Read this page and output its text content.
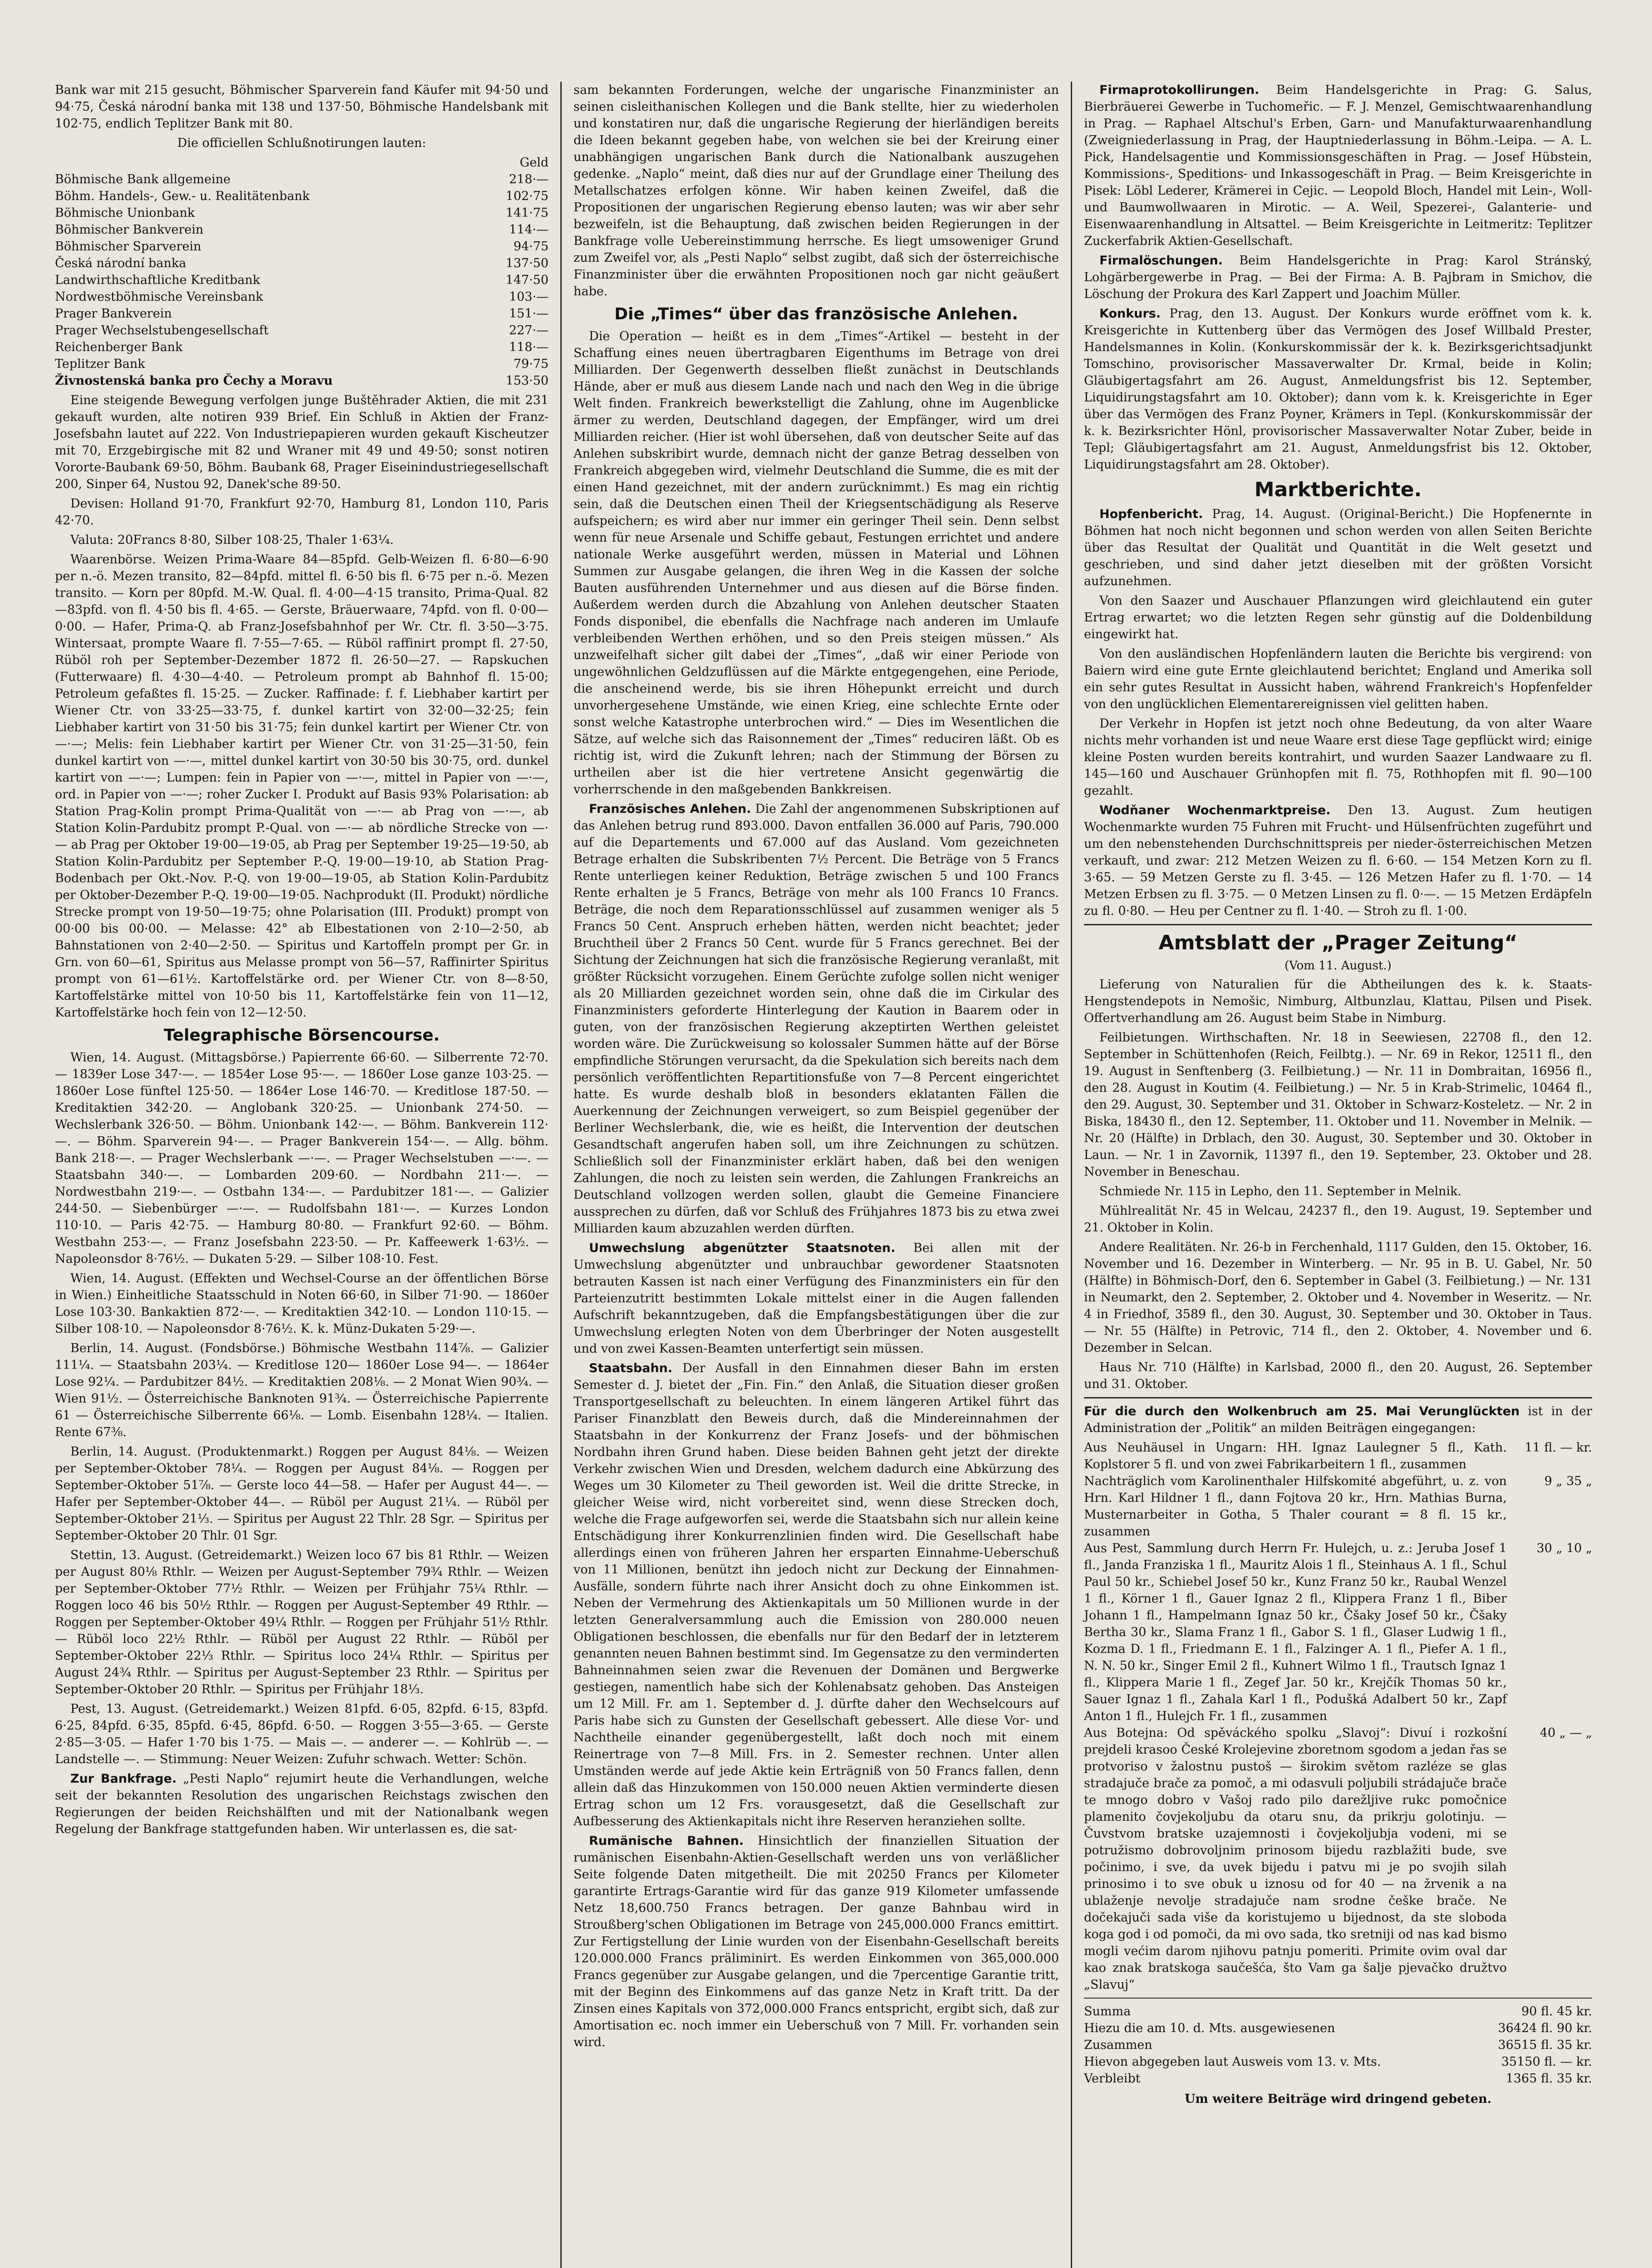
Bank war mit 215 gesucht, Böhmischer Sparverein fand Käufer mit 94·50 und 94·75, Česká národní banka mit 138 und 137·50, Böhmische Handelsbank mit 102·75, endlich Teplitzer Bank mit 80.

Die officiellen Schlußnotirungen lauten:

Geld
Böhmische Bank allgemeine	218·—
Böhm. Handels-, Gew.- u. Realitätenbank	102·75
Böhmische Unionbank	141·75
Böhmischer Bankverein	114·—
Böhmischer Sparverein	94·75
Česká národní banka	137·50
Landwirthschaftliche Kreditbank	147·50
Nordwestböhmische Vereinsbank	103·—
Prager Bankverein	151·—
Prager Wechselstubengesellschaft	227·—
Reichenberger Bank	118·—
Teplitzer Bank	79·75
Živnostenská banka pro Čechy a Moravu	153·50

Eine steigende Bewegung verfolgen junge Buštěhrader Aktien, die mit 231 gekauft wurden, alte notiren 939 Brief. Ein Schluß in Aktien der Franz-Josefsbahn lautet auf 222. Von Industriepapieren wurden gekauft Kischeutzer mit 70, Erzgebirgische mit 82 und Wraner mit 49 und 49·50; sonst notiren Vororte-Baubank 69·50, Böhm. Baubank 68, Prager Eiseinindustriegesellschaft 200, Sinper 64, Nustou 92, Danek'sche 89·50.

Devisen: Holland 91·70, Frankfurt 92·70, Hamburg 81, London 110, Paris 42·70.

Valuta: 20Francs 8·80, Silber 108·25, Thaler 1·63¼.

Waarenbörse. Weizen Prima-Waare 84—85pfd. Gelb-Weizen fl. 6·80—6·90 per n.-ö. Mezen transito, 82—84pfd. mittel fl. 6·50 bis fl. 6·75 per n.-ö. Mezen transito. — Korn per 80pfd. M.-W. Qual. fl. 4·00—4·15 transito, Prima-Qual. 82—83pfd. von fl. 4·50 bis fl. 4·65. — Gerste, Bräuerwaare, 74pfd. von fl. 0·00—0·00. — Hafer, Prima-Q. ab Franz-Josefsbahnhof per Wr. Ctr. fl. 3·50—3·75. Wintersaat, prompte Waare fl. 7·55—7·65. — Rüböl raffinirt prompt fl. 27·50, Rüböl roh per September-Dezember 1872 fl. 26·50—27. — Rapskuchen (Futterwaare) fl. 4·30—4·40. — Petroleum prompt ab Bahnhof fl. 15·00; Petroleum gefaßtes fl. 15·25. — Zucker. Raffinade: f. f. Liebhaber kartirt per Wiener Ctr. von 33·25—33·75, f. dunkel kartirt von 32·00—32·25; fein Liebhaber kartirt von 31·50 bis 31·75; fein dunkel kartirt per Wiener Ctr. von —·—; Melis: fein Liebhaber kartirt per Wiener Ctr. von 31·25—31·50, fein dunkel kartirt von —·—, mittel dunkel kartirt von 30·50 bis 30·75, ord. dunkel kartirt von —·—; Lumpen: fein in Papier von —·—, mittel in Papier von —·—, ord. in Papier von —·—; roher Zucker I. Produkt auf Basis 93% Polarisation: ab Station Prag-Kolin prompt Prima-Qualität von —·— ab Prag von —·—, ab Station Kolin-Pardubitz prompt P.-Qual. von —·— ab nördliche Strecke von —·— ab Prag per Oktober 19·00—19·05, ab Prag per September 19·25—19·50, ab Station Kolin-Pardubitz per September P.-Q. 19·00—19·10, ab Station Prag-Bodenbach per Okt.-Nov. P.-Q. von 19·00—19·05, ab Station Kolin-Pardubitz per Oktober-Dezember P.-Q. 19·00—19·05. Nachprodukt (II. Produkt) nördliche Strecke prompt von 19·50—19·75; ohne Polarisation (III. Produkt) prompt von 00·00 bis 00·00. — Melasse: 42° ab Elbestationen von 2·10—2·50, ab Bahnstationen von 2·40—2·50. — Spiritus und Kartoffeln prompt per Gr. in Grn. von 60—61, Spiritus aus Melasse prompt von 56—57, Raffinirter Spiritus prompt von 61—61½. Kartoffelstärke ord. per Wiener Ctr. von 8—8·50, Kartoffelstärke mittel von 10·50 bis 11, Kartoffelstärke fein von 11—12, Kartoffelstärke hoch fein von 12—12·50.

Telegraphische Börsencourse.

Wien, 14. August. (Mittagsbörse.) Papierrente 66·60. — Silberrente 72·70. — 1839er Lose 347·—. — 1854er Lose 95·—. — 1860er Lose ganze 103·25. — 1860er Lose fünftel 125·50. — 1864er Lose 146·70. — Kreditlose 187·50. — Kreditaktien 342·20. — Anglobank 320·25. — Unionbank 274·50. — Wechslerbank 326·50. — Böhm. Unionbank 142·—. — Böhm. Bankverein 112·—. — Böhm. Sparverein 94·—. — Prager Bankverein 154·—. — Allg. böhm. Bank 218·—. — Prager Wechslerbank —·—. — Prager Wechselstuben —·—. — Staatsbahn 340·—. — Lombarden 209·60. — Nordbahn 211·—. — Nordwestbahn 219·—. — Ostbahn 134·—. — Pardubitzer 181·—. — Galizier 244·50. — Siebenbürger —·—. — Rudolfsbahn 181·—. — Kurzes London 110·10. — Paris 42·75. — Hamburg 80·80. — Frankfurt 92·60. — Böhm. Westbahn 253·—. — Franz Josefsbahn 223·50. — Pr. Kaffeewerk 1·63½. — Napoleonsdor 8·76½. — Dukaten 5·29. — Silber 108·10. Fest.

Wien, 14. August. (Effekten und Wechsel-Course an der öffentlichen Börse in Wien.) Einheitliche Staatsschuld in Noten 66·60, in Silber 71·90. — 1860er Lose 103·30. Bankaktien 872·—. — Kreditaktien 342·10. — London 110·15. — Silber 108·10. — Napoleonsdor 8·76½. K. k. Münz-Dukaten 5·29·—.

Berlin, 14. August. (Fondsbörse.) Böhmische Westbahn 114⅞. — Galizier 111¼. — Staatsbahn 203¼. — Kreditlose 120— 1860er Lose 94—. — 1864er Lose 92¼. — Pardubitzer 84½. — Kreditaktien 208⅛. — 2 Monat Wien 90¾. — Wien 91½. — Österreichische Banknoten 91¾. — Österreichische Papierrente 61 — Österreichische Silberrente 66⅛. — Lomb. Eisenbahn 128¼. — Italien. Rente 67⅜.

Berlin, 14. August. (Produktenmarkt.) Roggen per August 84⅛. — Weizen per September-Oktober 78¼. — Roggen per August 84⅛. — Roggen per September-Oktober 51⅞. — Gerste loco 44—58. — Hafer per August 44—. — Hafer per September-Oktober 44—. — Rüböl per August 21¼. — Rüböl per September-Oktober 21⅓. — Spiritus per August 22 Thlr. 28 Sgr. — Spiritus per September-Oktober 20 Thlr. 01 Sgr.

Stettin, 13. August. (Getreidemarkt.) Weizen loco 67 bis 81 Rthlr. — Weizen per August 80⅛ Rthlr. — Weizen per August-September 79¾ Rthlr. — Weizen per September-Oktober 77½ Rthlr. — Weizen per Frühjahr 75¼ Rthlr. — Roggen loco 46 bis 50½ Rthlr. — Roggen per August-September 49 Rthlr. — Roggen per September-Oktober 49¼ Rthlr. — Roggen per Frühjahr 51½ Rthlr. — Rüböl loco 22½ Rthlr. — Rüböl per August 22 Rthlr. — Rüböl per September-Oktober 22⅓ Rthlr. — Spiritus loco 24¼ Rthlr. — Spiritus per August 24¾ Rthlr. — Spiritus per August-September 23 Rthlr. — Spiritus per September-Oktober 20 Rthlr. — Spiritus per Frühjahr 18⅓.

Pest, 13. August. (Getreidemarkt.) Weizen 81pfd. 6·05, 82pfd. 6·15, 83pfd. 6·25, 84pfd. 6·35, 85pfd. 6·45, 86pfd. 6·50. — Roggen 3·55—3·65. — Gerste 2·85—3·05. — Hafer 1·70 bis 1·75. — Mais —. — anderer —. — Kohlrüb —. — Landstelle —. — Stimmung: Neuer Weizen: Zufuhr schwach. Wetter: Schön.

Zur Bankfrage. „Pesti Naplo“ rejumirt heute die Verhandlungen, welche seit der bekannten Resolution des ungarischen Reichstags zwischen den Regierungen der beiden Reichshälften und mit der Nationalbank wegen Regelung der Bankfrage stattgefunden haben. Wir unterlassen es, die sat-

sam bekannten Forderungen, welche der ungarische Finanzminister an seinen cisleithanischen Kollegen und die Bank stellte, hier zu wiederholen und konstatiren nur, daß die ungarische Regierung der hierländigen bereits die Ideen bekannt gegeben habe, von welchen sie bei der Kreirung einer unabhängigen ungarischen Bank durch die Nationalbank auszugehen gedenke. „Naplo“ meint, daß dies nur auf der Grundlage einer Theilung des Metallschatzes erfolgen könne. Wir haben keinen Zweifel, daß die Propositionen der ungarischen Regierung ebenso lauten; was wir aber sehr bezweifeln, ist die Behauptung, daß zwischen beiden Regierungen in der Bankfrage volle Uebereinstimmung herrsche. Es liegt umsoweniger Grund zum Zweifel vor, als „Pesti Naplo“ selbst zugibt, daß sich der österreichische Finanzminister über die erwähnten Propositionen noch gar nicht geäußert habe.

Die „Times“ über das französische Anlehen.

Die Operation — heißt es in dem „Times“-Artikel — besteht in der Schaffung eines neuen übertragbaren Eigenthums im Betrage von drei Milliarden. Der Gegenwerth desselben fließt zunächst in Deutschlands Hände, aber er muß aus diesem Lande nach und nach den Weg in die übrige Welt finden. Frankreich bewerkstelligt die Zahlung, ohne im Augenblicke ärmer zu werden, Deutschland dagegen, der Empfänger, wird um drei Milliarden reicher. (Hier ist wohl übersehen, daß von deutscher Seite auf das Anlehen subskribirt wurde, demnach nicht der ganze Betrag desselben von Frankreich abgegeben wird, vielmehr Deutschland die Summe, die es mit der einen Hand gezeichnet, mit der andern zurücknimmt.) Es mag ein richtig sein, daß die Deutschen einen Theil der Kriegsentschädigung als Reserve aufspeichern; es wird aber nur immer ein geringer Theil sein. Denn selbst wenn für neue Arsenale und Schiffe gebaut, Festungen errichtet und andere nationale Werke ausgeführt werden, müssen in Material und Löhnen Summen zur Ausgabe gelangen, die ihren Weg in die Kassen der solche Bauten ausführenden Unternehmer und aus diesen auf die Börse finden. Außerdem werden durch die Abzahlung von Anlehen deutscher Staaten Fonds disponibel, die ebenfalls die Nachfrage nach anderen im Umlaufe verbleibenden Werthen erhöhen, und so den Preis steigen müssen.“ Als unzweifelhaft sicher gilt dabei der „Times“, „daß wir einer Periode von ungewöhnlichen Geldzuflüssen auf die Märkte entgegengehen, eine Periode, die anscheinend werde, bis sie ihren Höhepunkt erreicht und durch unvorhergesehene Umstände, wie einen Krieg, eine schlechte Ernte oder sonst welche Katastrophe unterbrochen wird.“ — Dies im Wesentlichen die Sätze, auf welche sich das Raisonnement der „Times“ reduciren läßt. Ob es richtig ist, wird die Zukunft lehren; nach der Stimmung der Börsen zu urtheilen aber ist die hier vertretene Ansicht gegenwärtig die vorherrschende in den maßgebenden Bankkreisen.

Französisches Anlehen. Die Zahl der angenommenen Subskriptionen auf das Anlehen betrug rund 893.000. Davon entfallen 36.000 auf Paris, 790.000 auf die Departements und 67.000 auf das Ausland. Vom gezeichneten Betrage erhalten die Subskribenten 7½ Percent. Die Beträge von 5 Francs Rente unterliegen keiner Reduktion, Beträge zwischen 5 und 100 Francs Rente erhalten je 5 Francs, Beträge von mehr als 100 Francs 10 Francs. Beträge, die noch dem Reparationsschlüssel auf zusammen weniger als 5 Francs 50 Cent. Anspruch erheben hätten, werden nicht beachtet; jeder Bruchtheil über 2 Francs 50 Cent. wurde für 5 Francs gerechnet. Bei der Sichtung der Zeichnungen hat sich die französische Regierung veranlaßt, mit größter Rücksicht vorzugehen. Einem Gerüchte zufolge sollen nicht weniger als 20 Milliarden gezeichnet worden sein, ohne daß die im Cirkular des Finanzministers geforderte Hinterlegung der Kaution in Baarem oder in guten, von der französischen Regierung akzeptirten Werthen geleistet worden wäre. Die Zurückweisung so kolossaler Summen hätte auf der Börse empfindliche Störungen verursacht, da die Spekulation sich bereits nach dem persönlich veröffentlichten Repartitionsfuße von 7—8 Percent eingerichtet hatte. Es wurde deshalb bloß in besonders eklatanten Fällen die Auerkennung der Zeichnungen verweigert, so zum Beispiel gegenüber der Berliner Wechslerbank, die, wie es heißt, die Intervention der deutschen Gesandtschaft angerufen haben soll, um ihre Zeichnungen zu schützen. Schließlich soll der Finanzminister erklärt haben, daß bei den wenigen Zahlungen, die noch zu leisten sein werden, die Zahlungen Frankreichs an Deutschland vollzogen werden sollen, glaubt die Gemeine Financiere aussprechen zu dürfen, daß vor Schluß des Frühjahres 1873 bis zu etwa zwei Milliarden kaum abzuzahlen werden dürften.

Umwechslung abgenützter Staatsnoten. Bei allen mit der Umwechslung abgenützter und unbrauchbar gewordener Staatsnoten betrauten Kassen ist nach einer Verfügung des Finanzministers ein für den Parteienzutritt bestimmten Lokale mittelst einer in die Augen fallenden Aufschrift bekanntzugeben, daß die Empfangsbestätigungen über die zur Umwechslung erlegten Noten von dem Überbringer der Noten ausgestellt und von zwei Kassen-Beamten unterfertigt sein müssen.

Staatsbahn. Der Ausfall in den Einnahmen dieser Bahn im ersten Semester d. J. bietet der „Fin. Fin.“ den Anlaß, die Situation dieser großen Transportgesellschaft zu beleuchten. In einem längeren Artikel führt das Pariser Finanzblatt den Beweis durch, daß die Mindereinnahmen der Staatsbahn in der Konkurrenz der Franz Josefs- und der böhmischen Nordbahn ihren Grund haben. Diese beiden Bahnen geht jetzt der direkte Verkehr zwischen Wien und Dresden, welchem dadurch eine Abkürzung des Weges um 30 Kilometer zu Theil geworden ist. Weil die dritte Strecke, in gleicher Weise wird, nicht vorbereitet sind, wenn diese Strecken doch, welche die Frage aufgeworfen sei, werde die Staatsbahn sich nur allein keine Entschädigung ihrer Konkurrenzlinien finden wird. Die Gesellschaft habe allerdings einen von früheren Jahren her ersparten Einnahme-Ueberschuß von 11 Millionen, benützt ihn jedoch nicht zur Deckung der Einnahmen-Ausfälle, sondern führte nach ihrer Ansicht doch zu ohne Einkommen ist. Neben der Vermehrung des Aktienkapitals um 50 Millionen wurde in der letzten Generalversammlung auch die Emission von 280.000 neuen Obligationen beschlossen, die ebenfalls nur für den Bedarf der in letzterem genannten neuen Bahnen bestimmt sind. Im Gegensatze zu den verminderten Bahneinnahmen seien zwar die Revenuen der Domänen und Bergwerke gestiegen, namentlich habe sich der Kohlenabsatz gehoben. Das Ansteigen um 12 Mill. Fr. am 1. September d. J. dürfte daher den Wechselcours auf Paris habe sich zu Gunsten der Gesellschaft gebessert. Alle diese Vor- und Nachtheile einander gegenübergestellt, laßt doch noch mit einem Reinertrage von 7—8 Mill. Frs. in 2. Semester rechnen. Unter allen Umständen werde auf jede Aktie kein Erträgniß von 50 Francs fallen, denn allein daß das Hinzukommen von 150.000 neuen Aktien verminderte diesen Ertrag schon um 12 Frs. vorausgesetzt, daß die Gesellschaft zur Aufbesserung des Aktienkapitals nicht ihre Reserven heranziehen sollte.

Rumänische Bahnen. Hinsichtlich der finanziellen Situation der rumänischen Eisenbahn-Aktien-Gesellschaft werden uns von verläßlicher Seite folgende Daten mitgetheilt. Die mit 20250 Francs per Kilometer garantirte Ertrags-Garantie wird für das ganze 919 Kilometer umfassende Netz 18,600.750 Francs betragen. Der ganze Bahnbau wird in Stroußberg'schen Obligationen im Betrage von 245,000.000 Francs emittirt. Zur Fertigstellung der Linie wurden von der Eisenbahn-Gesellschaft bereits 120.000.000 Francs präliminirt. Es werden Einkommen von 365,000.000 Francs gegenüber zur Ausgabe gelangen, und die 7percentige Garantie tritt, mit der Beginn des Einkommens auf das ganze Netz in Kraft tritt. Da der Zinsen eines Kapitals von 372,000.000 Francs entspricht, ergibt sich, daß zur Amortisation ec. noch immer ein Ueberschuß von 7 Mill. Fr. vorhanden sein wird.

Firmaprotokollirungen. Beim Handelsgerichte in Prag: G. Salus, Bierbräuerei Gewerbe in Tuchomeřic. — F. J. Menzel, Gemischtwaarenhandlung in Prag. — Raphael Altschul's Erben, Garn- und Manufakturwaarenhandlung (Zweigniederlassung in Prag, der Hauptniederlassung in Böhm.-Leipa. — A. L. Pick, Handelsagentie und Kommissionsgeschäften in Prag. — Josef Hübstein, Kommissions-, Speditions- und Inkassogeschäft in Prag. — Beim Kreisgerichte in Pisek: Löbl Lederer, Krämerei in Cejic. — Leopold Bloch, Handel mit Lein-, Woll- und Baumwollwaaren in Mirotic. — A. Weil, Spezerei-, Galanterie- und Eisenwaarenhandlung in Altsattel. — Beim Kreisgerichte in Leitmeritz: Teplitzer Zuckerfabrik Aktien-Gesellschaft.

Firmalöschungen. Beim Handelsgerichte in Prag: Karol Stránský, Lohgärbergewerbe in Prag. — Bei der Firma: A. B. Pajbram in Smichov, die Löschung der Prokura des Karl Zappert und Joachim Müller.

Konkurs. Prag, den 13. August. Der Konkurs wurde eröffnet vom k. k. Kreisgerichte in Kuttenberg über das Vermögen des Josef Willbald Prester, Handelsmannes in Kolin. (Konkurskommissär der k. k. Bezirksgerichtsadjunkt Tomschino, provisorischer Massaverwalter Dr. Krmal, beide in Kolin; Gläubigertagsfahrt am 26. August, Anmeldungsfrist bis 12. September, Liquidirungstagsfahrt am 10. Oktober); dann vom k. k. Kreisgerichte in Eger über das Vermögen des Franz Poyner, Krämers in Tepl. (Konkurskommissär der k. k. Bezirksrichter Hönl, provisorischer Massaverwalter Notar Zuber, beide in Tepl; Gläubigertagsfahrt am 21. August, Anmeldungsfrist bis 12. Oktober, Liquidirungstagsfahrt am 28. Oktober).

Marktberichte.

Hopfenbericht. Prag, 14. August. (Original-Bericht.) Die Hopfenernte in Böhmen hat noch nicht begonnen und schon werden von allen Seiten Berichte über das Resultat der Qualität und Quantität in die Welt gesetzt und geschrieben, und sind daher jetzt dieselben mit der größten Vorsicht aufzunehmen.

Von den Saazer und Auschauer Pflanzungen wird gleichlautend ein guter Ertrag erwartet; wo die letzten Regen sehr günstig auf die Doldenbildung eingewirkt hat.

Von den ausländischen Hopfenländern lauten die Berichte bis vergirend: von Baiern wird eine gute Ernte gleichlautend berichtet; England und Amerika soll ein sehr gutes Resultat in Aussicht haben, während Frankreich's Hopfenfelder von den unglücklichen Elementarereignissen viel gelitten haben.

Der Verkehr in Hopfen ist jetzt noch ohne Bedeutung, da von alter Waare nichts mehr vorhanden ist und neue Waare erst diese Tage gepflückt wird; einige kleine Posten wurden bereits kontrahirt, und wurden Saazer Landwaare zu fl. 145—160 und Auschauer Grünhopfen mit fl. 75, Rothhopfen mit fl. 90—100 gezahlt.

Wodňaner Wochenmarktpreise. Den 13. August. Zum heutigen Wochenmarkte wurden 75 Fuhren mit Frucht- und Hülsenfrüchten zugeführt und um den nebenstehenden Durchschnittspreis per nieder-österreichischen Metzen verkauft, und zwar: 212 Metzen Weizen zu fl. 6·60. — 154 Metzen Korn zu fl. 3·65. — 59 Metzen Gerste zu fl. 3·45. — 126 Metzen Hafer zu fl. 1·70. — 14 Metzen Erbsen zu fl. 3·75. — 0 Metzen Linsen zu fl. 0·—. — 15 Metzen Erdäpfeln zu fl. 0·80. — Heu per Centner zu fl. 1·40. — Stroh zu fl. 1·00.

Amtsblatt der „Prager Zeitung“
(Vom 11. August.)

Lieferung von Naturalien für die Abtheilungen des k. k. Staats-Hengstendepots in Nemošic, Nimburg, Altbunzlau, Klattau, Pilsen und Pisek. Offertverhandlung am 26. August beim Stabe in Nimburg.

Feilbietungen. Wirthschaften. Nr. 18 in Seewiesen, 22708 fl., den 12. September in Schüttenhofen (Reich, Feilbtg.). — Nr. 69 in Rekor, 12511 fl., den 19. August in Senftenberg (3. Feilbietung.) — Nr. 11 in Dombraitan, 16956 fl., den 28. August in Koutim (4. Feilbietung.) — Nr. 5 in Krab-Strimelic, 10464 fl., den 29. August, 30. September und 31. Oktober in Schwarz-Kosteletz. — Nr. 2 in Biska, 18430 fl., den 12. September, 11. Oktober und 11. November in Melnik. — Nr. 20 (Hälfte) in Drblach, den 30. August, 30. September und 30. Oktober in Laun. — Nr. 1 in Zavornik, 11397 fl., den 19. September, 23. Oktober und 28. November in Beneschau.

Schmiede Nr. 115 in Lepho, den 11. September in Melnik.

Mühlrealität Nr. 45 in Welcau, 24237 fl., den 19. August, 19. September und 21. Oktober in Kolin.

Andere Realitäten. Nr. 26-b in Ferchenhald, 1117 Gulden, den 15. Oktober, 16. November und 16. Dezember in Winterberg. — Nr. 95 in B. U. Gabel, Nr. 50 (Hälfte) in Böhmisch-Dorf, den 6. September in Gabel (3. Feilbietung.) — Nr. 131 in Neumarkt, den 2. September, 2. Oktober und 4. November in Weseritz. — Nr. 4 in Friedhof, 3589 fl., den 30. August, 30. September und 30. Oktober in Taus. — Nr. 55 (Hälfte) in Petrovic, 714 fl., den 2. Oktober, 4. November und 6. Dezember in Selcan.

Haus Nr. 710 (Hälfte) in Karlsbad, 2000 fl., den 20. August, 26. September und 31. Oktober.

Für die durch den Wolkenbruch am 25. Mai Verunglückten ist in der Administration der „Politik“ an milden Beiträgen eingegangen:

Aus Neuhäusel in Ungarn: HH. Ignaz Laulegner 5 fl., Kath. Koplstorer 5 fl. und von zwei Fabrikarbeitern 1 fl., zusammen
11 fl. — kr.
Nachträglich vom Karolinenthaler Hilfskomité abgeführt, u. z. von Hrn. Karl Hildner 1 fl., dann Fojtova 20 kr., Hrn. Mathias Burna, Musternarbeiter in Gotha, 5 Thaler courant = 8 fl. 15 kr., zusammen
9 „ 35 „
Aus Pest, Sammlung durch Herrn Fr. Hulejch, u. z.: Jeruba Josef 1 fl., Janda Franziska 1 fl., Mauritz Alois 1 fl., Steinhaus A. 1 fl., Schul Paul 50 kr., Schiebel Josef 50 kr., Kunz Franz 50 kr., Raubal Wenzel 1 fl., Körner 1 fl., Gauer Ignaz 2 fl., Klippera Franz 1 fl., Biber Johann 1 fl., Hampelmann Ignaz 50 kr., Čšaky Josef 50 kr., Čšaky Bertha 30 kr., Slama Franz 1 fl., Gabor S. 1 fl., Glaser Ludwig 1 fl., Kozma D. 1 fl., Friedmann E. 1 fl., Falzinger A. 1 fl., Piefer A. 1 fl., N. N. 50 kr., Singer Emil 2 fl., Kuhnert Wilmo 1 fl., Trautsch Ignaz 1 fl., Klippera Marie 1 fl., Zegef Jar. 50 kr., Krejčík Thomas 50 kr., Sauer Ignaz 1 fl., Zahala Karl 1 fl., Podušká Adalbert 50 kr., Zapf Anton 1 fl., Hulejch Fr. 1 fl., zusammen
30 „ 10 „
Aus Botejna: Od spěváckého spolku „Slavoj“: Divuí i rozkošní prejdeli krasoo České Krolejevine zboretnom sgodom a jedan řas se protvoriso v žalostnu pustoš — širokim světom razléze se glas stradajuče brače za pomoč, a mi odasvuli poljubili strádajuče brače te mnogo dobro v Vašoj rado pilo darežljive rukc pomočnice plamenito čovjekoljubu da otaru snu, da prikrju golotinju. — Čuvstvom bratske uzajemnosti i čovjekoljubja vodeni, mi se potružismo dobrovoljnim prinosom bijedu razblažiti bude, sve počinimo, i sve, da uvek bijedu i patvu mi je po svojih silah prinosimo i to sve obuk u iznosu od for 40 — na žrvenik a na ublaženje nevolje stradajuče nam srodne češke brače. Ne dočekajuči sada više da koristujemo u bijednost, da ste sloboda koga god i od pomoči, da mi ovo sada, tko sretniji od nas kad bismo mogli većim darom njihovu patnju pomeriti. Primite ovim oval dar kao znak bratskoga saučešća, što Vam ga šalje pjevačko družtvo „Slavuj“
40 „ — „
Summa	90 fl. 45 kr.
Hiezu die am 10. d. Mts. ausgewiesenen	36424 fl. 90 kr.
Zusammen	36515 fl. 35 kr.
Hievon abgegeben laut Ausweis vom 13. v. Mts.	35150 fl. — kr.
Verbleibt	1365 fl. 35 kr.

Um weitere Beiträge wird dringend gebeten.
